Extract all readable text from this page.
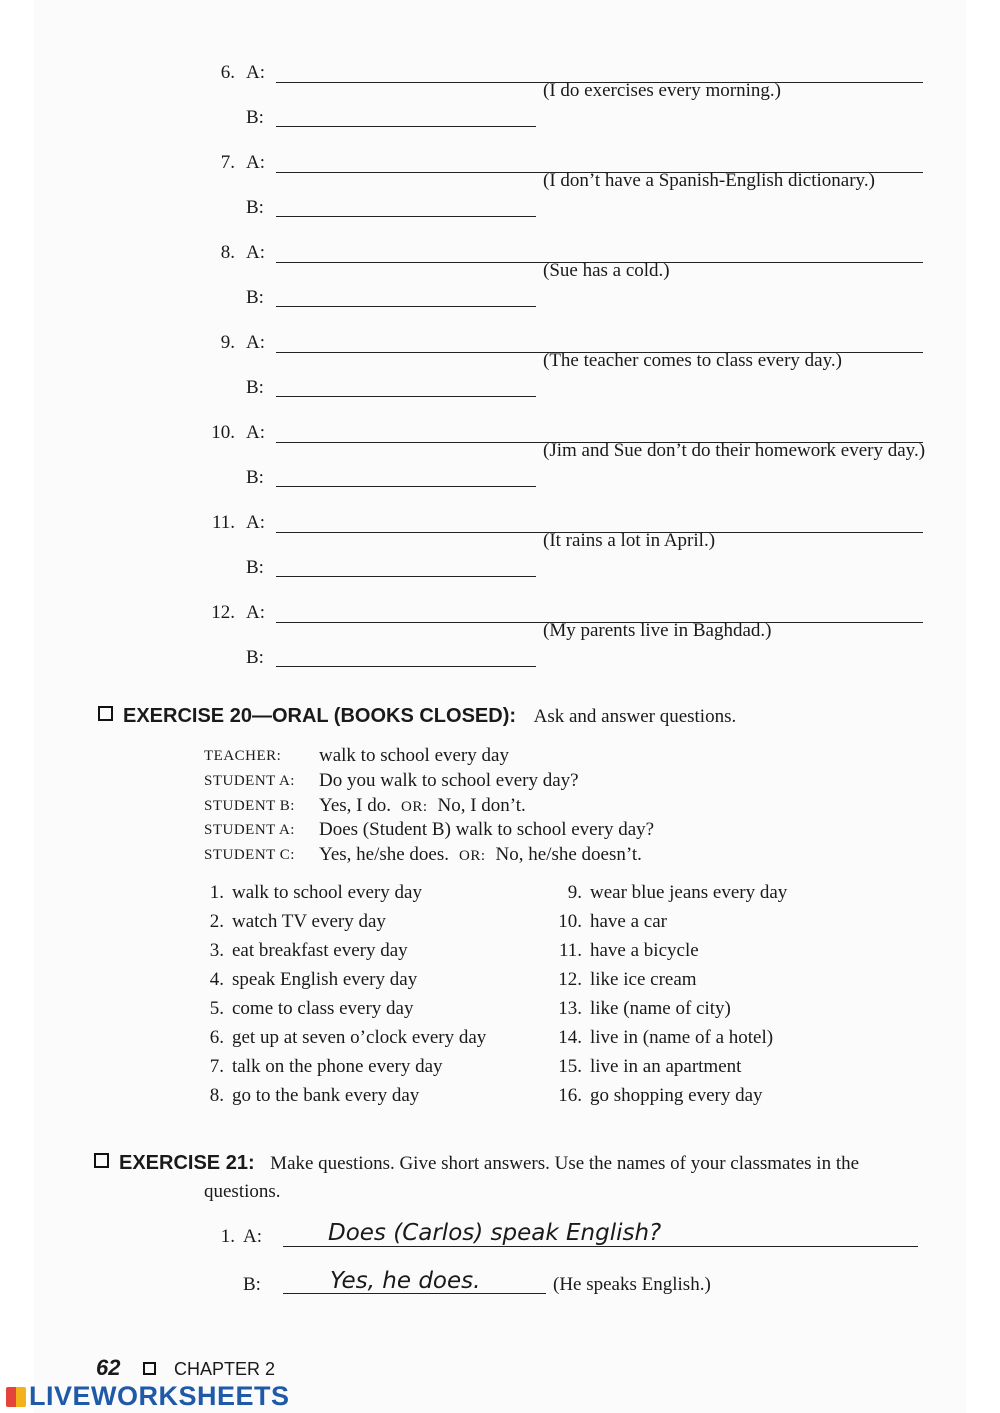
6. A:
B:
(I do exercises every morning.)
7. A:
B:
(I don’t have a Spanish-English dictionary.)
8. A:
B:
(Sue has a cold.)
9. A:
B:
(The teacher comes to class every day.)
10. A:
B:
(Jim and Sue don’t do their homework every day.)
11. A:
B:
(It rains a lot in April.)
12. A:
B:
(My parents live in Baghdad.)
EXERCISE 20—ORAL (BOOKS CLOSED): Ask and answer questions.
TEACHER: walk to school every day
STUDENT A: Do you walk to school every day?
STUDENT B: Yes, I do. OR: No, I don’t.
STUDENT A: Does (Student B) walk to school every day?
STUDENT C: Yes, he/she does. OR: No, he/she doesn’t.
1. walk to school every day
2. watch TV every day
3. eat breakfast every day
4. speak English every day
5. come to class every day
6. get up at seven o’clock every day
7. talk on the phone every day
8. go to the bank every day
9. wear blue jeans every day
10. have a car
11. have a bicycle
12. like ice cream
13. like (name of city)
14. live in (name of a hotel)
15. live in an apartment
16. go shopping every day
EXERCISE 21: Make questions. Give short answers. Use the names of your classmates in the
questions.
1. A:	Does (Carlos) speak English?
B:	Yes, he does.	(He speaks English.)
62	CHAPTER 2
LIVEWORKSHEETS
